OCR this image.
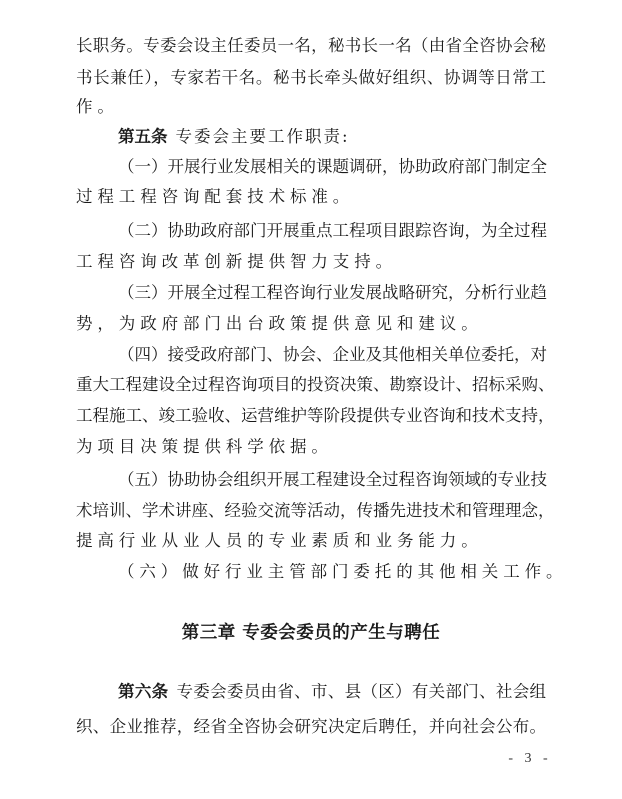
长职务。专委会设主任委员一名，秘书长一名（由省全咨协会秘
书长兼任），专家若干名。秘书长牵头做好组织、协调等日常工
作。
第五条 专委会主要工作职责:
（一）开展行业发展相关的课题调研，协助政府部门制定全
过程工程咨询配套技术标准。
（二）协助政府部门开展重点工程项目跟踪咨询，为全过程
工程咨询改革创新提供智力支持。
（三）开展全过程工程咨询行业发展战略研究，分析行业趋
势，为政府部门出台政策提供意见和建议。
（四）接受政府部门、协会、企业及其他相关单位委托，对
重大工程建设全过程咨询项目的投资决策、勘察设计、招标采购、
工程施工、竣工验收、运营维护等阶段提供专业咨询和技术支持，
为项目决策提供科学依据。
（五）协助协会组织开展工程建设全过程咨询领域的专业技
术培训、学术讲座、经验交流等活动，传播先进技术和管理理念，
提高行业从业人员的专业素质和业务能力。
（六）做好行业主管部门委托的其他相关工作。
第三章 专委会委员的产生与聘任
第六条 专委会委员由省、市、县（区）有关部门、社会组
织、企业推荐，经省全咨协会研究决定后聘任，并向社会公布。
- 3 -
